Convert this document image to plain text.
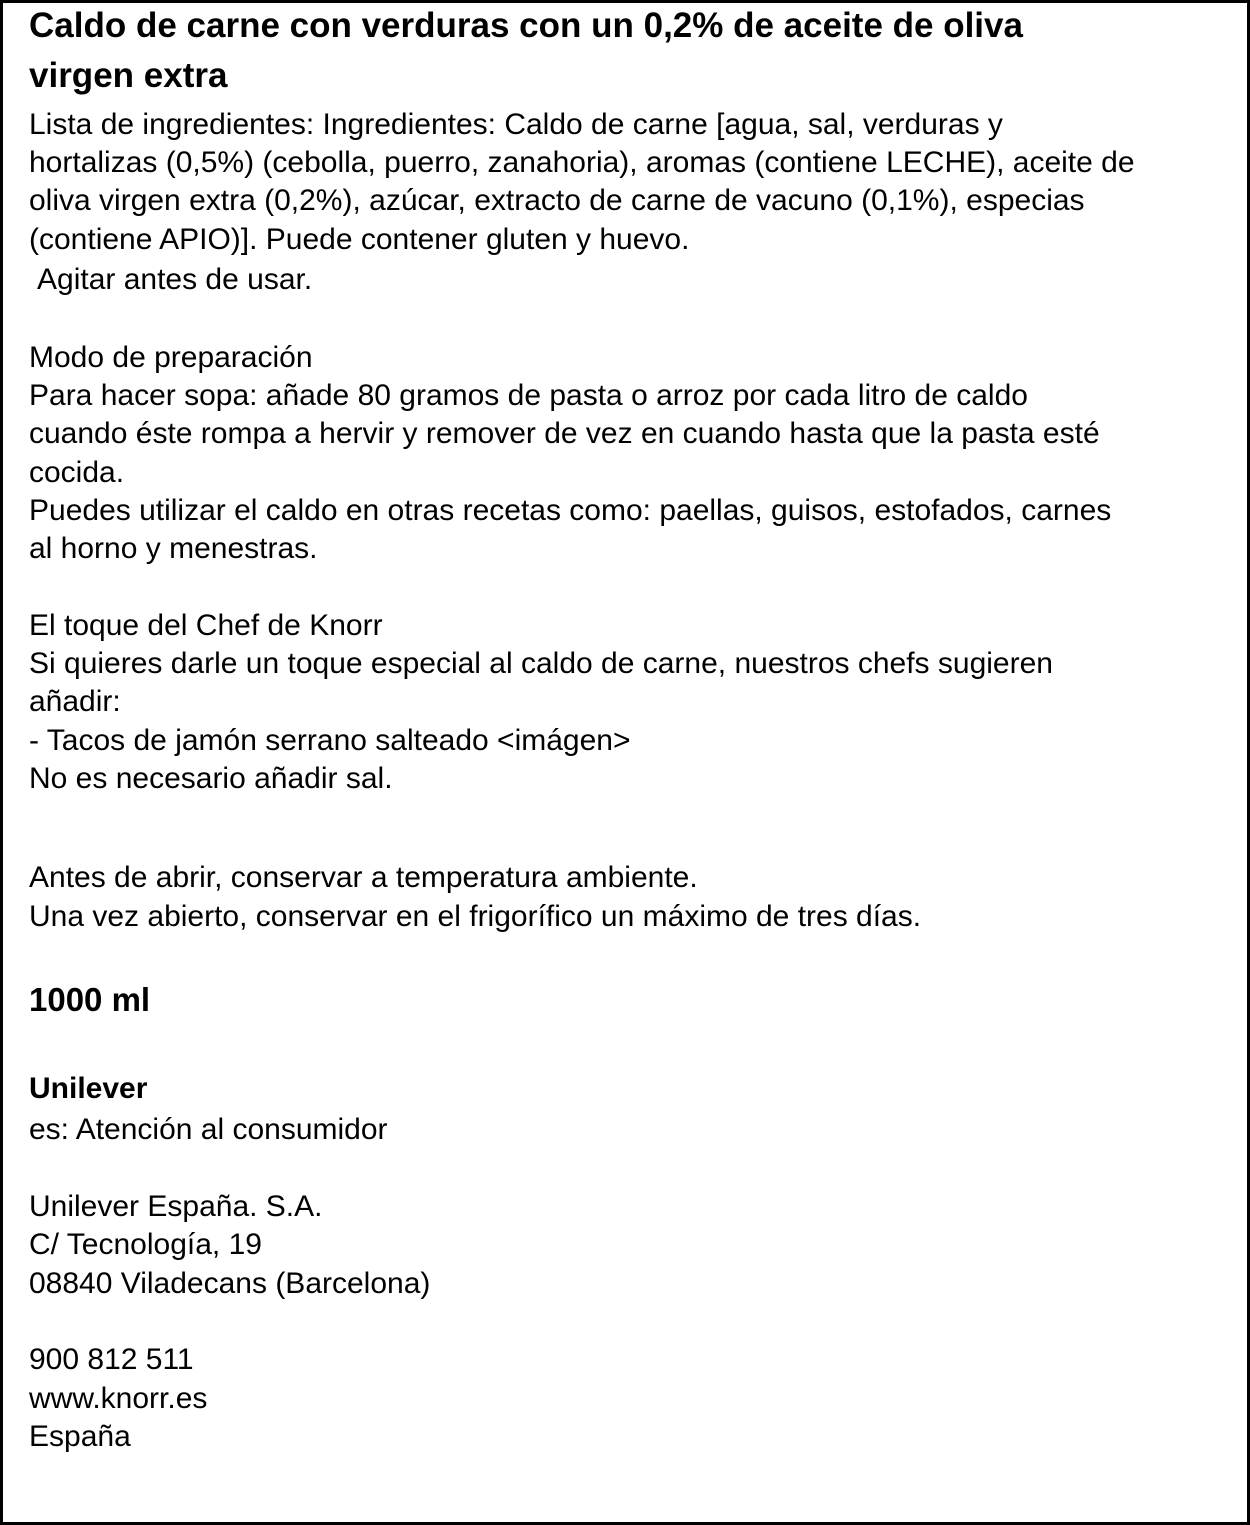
Caldo de carne con verduras con un 0,2% de aceite de oliva
virgen extra
Lista de ingredientes: Ingredientes: Caldo de carne [agua, sal, verduras y
hortalizas (0,5%) (cebolla, puerro, zanahoria), aromas (contiene LECHE), aceite de
oliva virgen extra (0,2%), azúcar, extracto de carne de vacuno (0,1%), especias
(contiene APIO)]. Puede contener gluten y huevo.
Agitar antes de usar.
Modo de preparación
Para hacer sopa: añade 80 gramos de pasta o arroz por cada litro de caldo
cuando éste rompa a hervir y remover de vez en cuando hasta que la pasta esté
cocida.
Puedes utilizar el caldo en otras recetas como: paellas, guisos, estofados, carnes
al horno y menestras.
El toque del Chef de Knorr
Si quieres darle un toque especial al caldo de carne, nuestros chefs sugieren
añadir:
- Tacos de jamón serrano salteado <imágen>
No es necesario añadir sal.
Antes de abrir, conservar a temperatura ambiente.
Una vez abierto, conservar en el frigorífico un máximo de tres días.
1000 ml
Unilever
es: Atención al consumidor
Unilever España. S.A.
C/ Tecnología, 19
08840 Viladecans (Barcelona)
900 812 511
www.knorr.es
España
